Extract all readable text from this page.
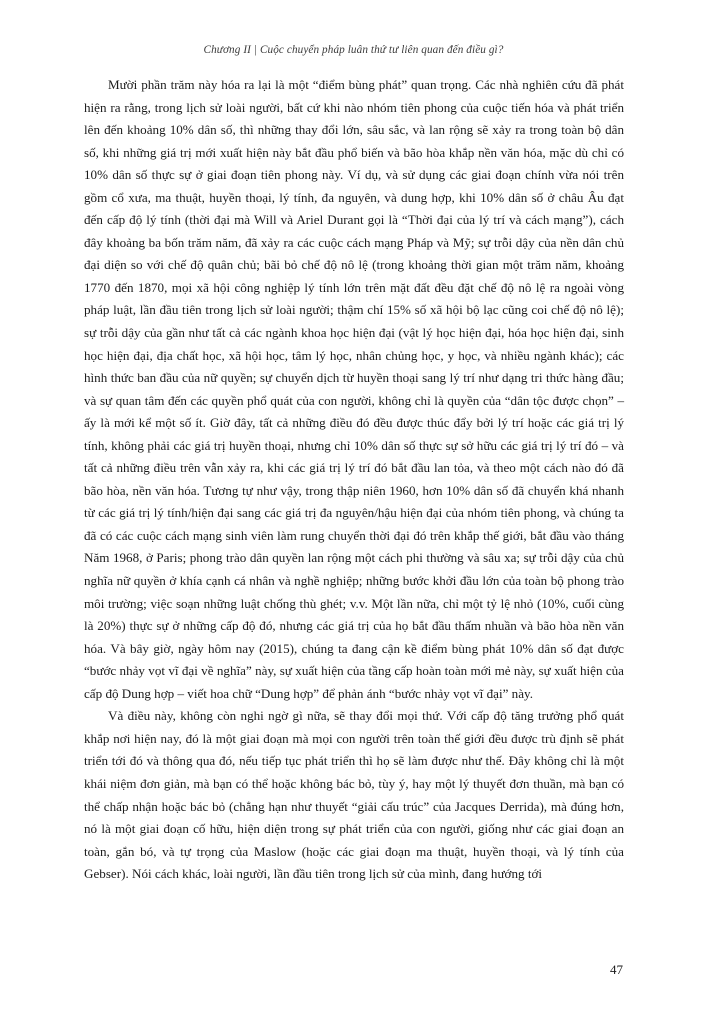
Chương II | Cuộc chuyển pháp luân thứ tư liên quan đến điều gì?

Mười phần trăm này hóa ra lại là một “điểm bùng phát” quan trọng. Các nhà nghiên cứu đã phát hiện ra rằng, trong lịch sử loài người, bất cứ khi nào nhóm tiên phong của cuộc tiến hóa và phát triển lên đến khoảng 10% dân số, thì những thay đổi lớn, sâu sắc, và lan rộng sẽ xảy ra trong toàn bộ dân số, khi những giá trị mới xuất hiện này bắt đầu phổ biến và bão hòa khắp nền văn hóa, mặc dù chỉ có 10% dân số thực sự ở giai đoạn tiên phong này. Ví dụ, và sử dụng các giai đoạn chính vừa nói trên gồm cổ xưa, ma thuật, huyền thoại, lý tính, đa nguyên, và dung hợp, khi 10% dân số ở châu Âu đạt đến cấp độ lý tính (thời đại mà Will và Ariel Durant gọi là “Thời đại của lý trí và cách mạng”), cách đây khoảng ba bốn trăm năm, đã xảy ra các cuộc cách mạng Pháp và Mỹ; sự trỗi dậy của nền dân chủ đại diện so với chế độ quân chủ; bãi bỏ chế độ nô lệ (trong khoảng thời gian một trăm năm, khoảng 1770 đến 1870, mọi xã hội công nghiệp lý tính lớn trên mặt đất đều đặt chế độ nô lệ ra ngoài vòng pháp luật, lần đầu tiên trong lịch sử loài người; thậm chí 15% số xã hội bộ lạc cũng coi chế độ nô lệ); sự trỗi dậy của gần như tất cả các ngành khoa học hiện đại (vật lý học hiện đại, hóa học hiện đại, sinh học hiện đại, địa chất học, xã hội học, tâm lý học, nhân chủng học, y học, và nhiều ngành khác); các hình thức ban đầu của nữ quyền; sự chuyển dịch từ huyền thoại sang lý trí như dạng tri thức hàng đầu; và sự quan tâm đến các quyền phổ quát của con người, không chỉ là quyền của “dân tộc được chọn” – ấy là mới kể một số ít. Giờ đây, tất cả những điều đó đều được thúc đẩy bởi lý trí hoặc các giá trị lý tính, không phải các giá trị huyền thoại, nhưng chỉ 10% dân số thực sự sở hữu các giá trị lý trí đó – và tất cả những điều trên vẫn xảy ra, khi các giá trị lý trí đó bắt đầu lan tỏa, và theo một cách nào đó đã bão hòa, nền văn hóa. Tương tự như vậy, trong thập niên 1960, hơn 10% dân số đã chuyển khá nhanh từ các giá trị lý tính/hiện đại sang các giá trị đa nguyên/hậu hiện đại của nhóm tiên phong, và chúng ta đã có các cuộc cách mạng sinh viên làm rung chuyển thời đại đó trên khắp thế giới, bắt đầu vào tháng Năm 1968, ở Paris; phong trào dân quyền lan rộng một cách phi thường và sâu xa; sự trỗi dậy của chủ nghĩa nữ quyền ở khía cạnh cá nhân và nghề nghiệp; những bước khởi đầu lớn của toàn bộ phong trào môi trường; việc soạn những luật chống thù ghét; v.v. Một lần nữa, chỉ một tỷ lệ nhỏ (10%, cuối cùng là 20%) thực sự ở những cấp độ đó, nhưng các giá trị của họ bắt đầu thấm nhuần và bão hòa nền văn hóa. Và bây giờ, ngày hôm nay (2015), chúng ta đang cận kề điểm bùng phát 10% dân số đạt được “bước nhảy vọt vĩ đại về nghĩa” này, sự xuất hiện của tầng cấp hoàn toàn mới mẻ này, sự xuất hiện của cấp độ Dung hợp – viết hoa chữ “Dung hợp” để phản ánh “bước nhảy vọt vĩ đại” này.

Và điều này, không còn nghi ngờ gì nữa, sẽ thay đổi mọi thứ. Với cấp độ tăng trưởng phổ quát khắp nơi hiện nay, đó là một giai đoạn mà mọi con người trên toàn thế giới đều được trù định sẽ phát triển tới đó và thông qua đó, nếu tiếp tục phát triển thì họ sẽ làm được như thế. Đây không chỉ là một khái niệm đơn giản, mà bạn có thể hoặc không bác bỏ, tùy ý, hay một lý thuyết đơn thuần, mà bạn có thể chấp nhận hoặc bác bỏ (chẳng hạn như thuyết “giải cấu trúc” của Jacques Derrida), mà đúng hơn, nó là một giai đoạn cố hữu, hiện diện trong sự phát triển của con người, giống như các giai đoạn an toàn, gắn bó, và tự trọng của Maslow (hoặc các giai đoạn ma thuật, huyền thoại, và lý tính của Gebser). Nói cách khác, loài người, lần đầu tiên trong lịch sử của mình, đang hướng tới

47
